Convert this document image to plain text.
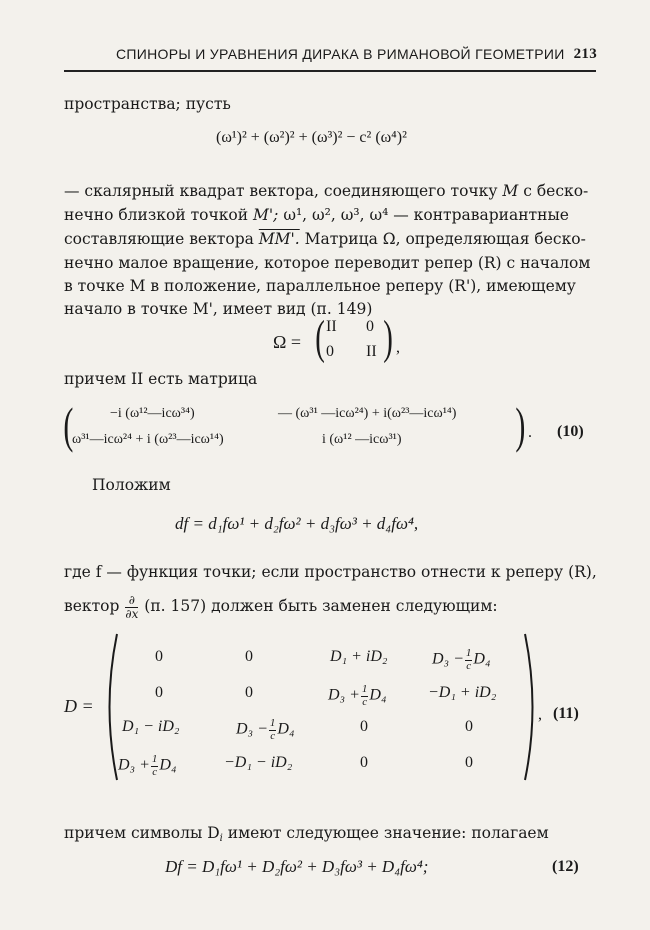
СПИНОРЫ И УРАВНЕНИЯ ДИРАКА В РИМАНОВОЙ ГЕОМЕТРИИ 213
пространства; пусть
(ω¹)² + (ω²)² + (ω³)² − c² (ω⁴)²
— скалярный квадрат вектора, соединяющего точку M с беско-
нечно близкой точкой M'; ω¹, ω², ω³, ω⁴ — контравариантные
составляющие вектора MM'. Матрица Ω, определяющая беско-
нечно малое вращение, которое переводит репер (R) с началом
в точке M в положение, параллельное реперу (R'), имеющему
начало в точке M', имеет вид (п. 149)
Ω = ( II 0
0 II ) ,
причем II есть матрица
(	−i (ω¹²—icω³⁴)	— (ω³¹ —icω²⁴) + i(ω²³—icω¹⁴)
ω³¹—icω²⁴ + i (ω²³—icω¹⁴)	i (ω¹² —icω³¹) ) . (10)
Положим
df = d₁fω¹ + d₂fω² + d₃fω³ + d₄fω⁴,
где f — функция точки; если пространство отнести к реперу (R),
вектор $\frac{\partial}{\partial x} (п$. 157) должен быть заменен следующим:
D =
0	0	D₁ + iD₂	$D_3 - \frac{1}{c} D_4$
0	0	$D_3 + \frac{1}{c} D_4$	−D₁ + iD₂
D₁ − iD₂	$D_3 - \frac{1}{c} D_4$	0	0
$D_3 + \frac{1}{c} D_4$	−D₁ − iD₂	0	0
, (11)
причем символы $D_i$ имеют следующее значение: полагаем
Df = D₁fω¹ + D₂fω² + D₃fω³ + D₄fω⁴;	(12)
